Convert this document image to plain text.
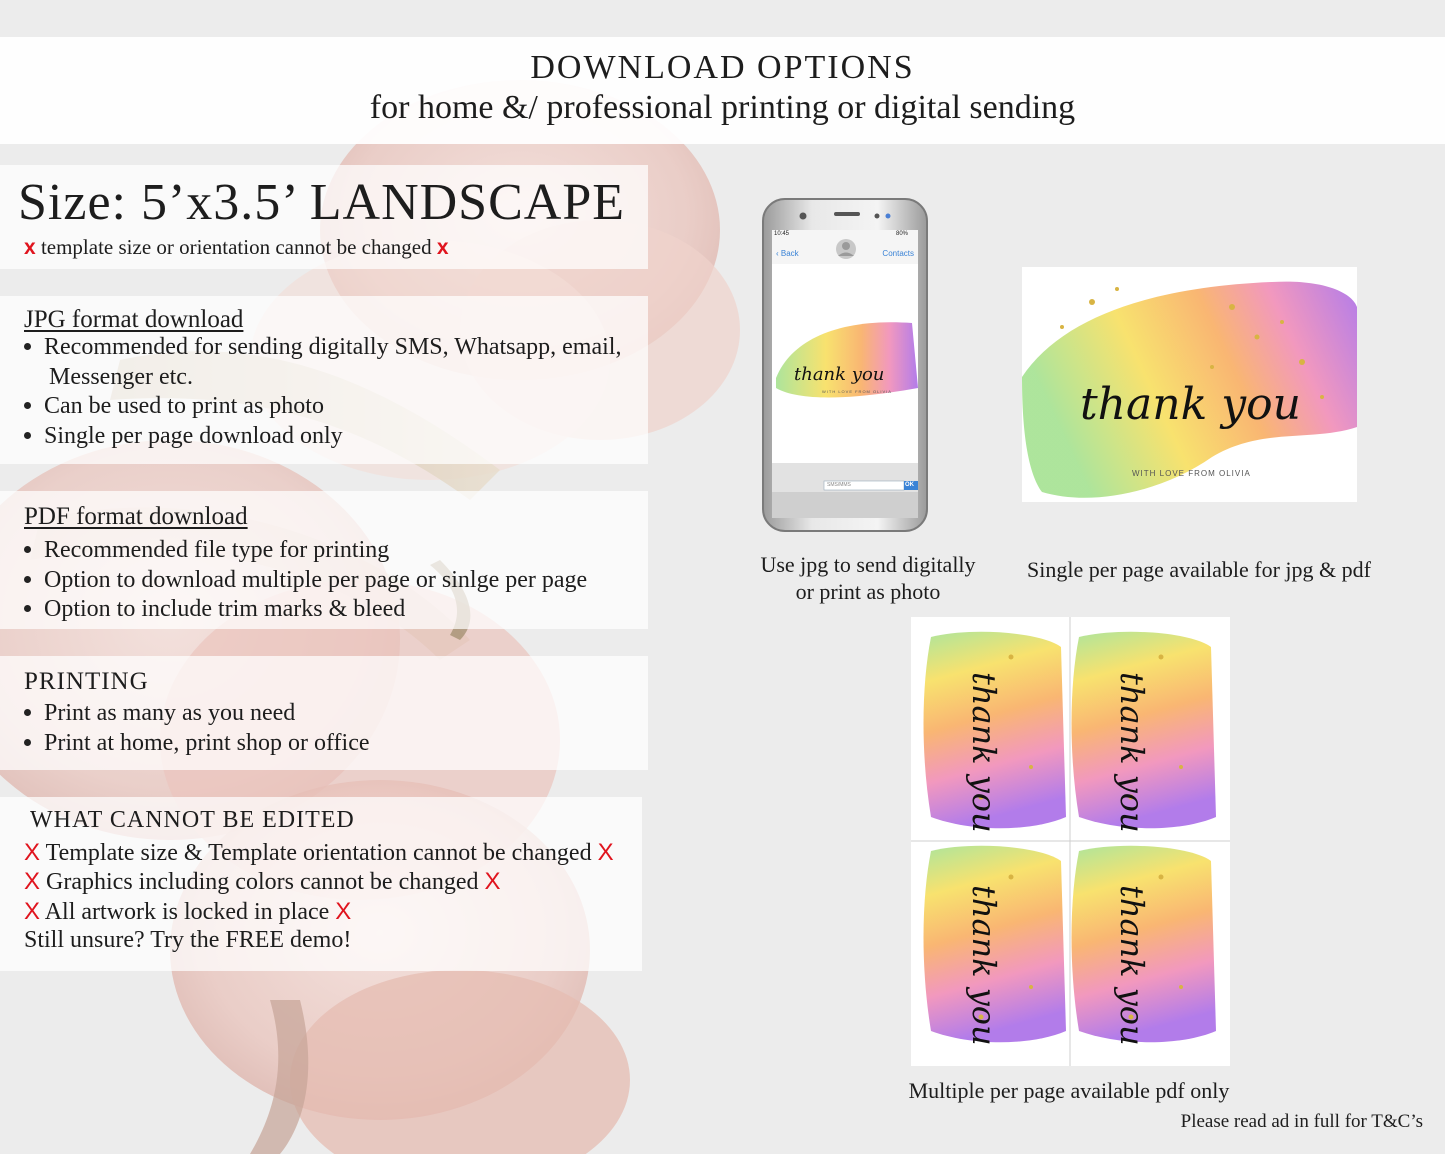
DOWNLOAD OPTIONS
for home &/ professional printing or digital sending
Size: 5’x3.5’ LANDSCAPE
x template size or orientation cannot be changed x
JPG format download
Recommended for sending digitally SMS, Whatsapp, email,
Messenger etc.
Can be used to print as photo
Single per page download only
PDF format download
Recommended file type for printing
Option to download multiple per page or sinlge per page
Option to include trim marks & bleed
PRINTING
Print as many as you need
Print at home, print shop or office
WHAT CANNOT BE EDITED
X Template size & Template orientation cannot be changed X
X Graphics including colors cannot be changed X
X All artwork is locked in place X
Still unsure? Try the FREE demo!
10:45	80%
‹ Back	Contacts
thank you
WITH LOVE FROM OLIVIA
SMS/MMS	OK
Use jpg to send digitally
or print as photo
thank you
WITH LOVE FROM OLIVIA
Single per page available for jpg & pdf
thank you	thank you
thank you	thank you
Multiple per page available pdf only
Please read ad in full for T&C’s
